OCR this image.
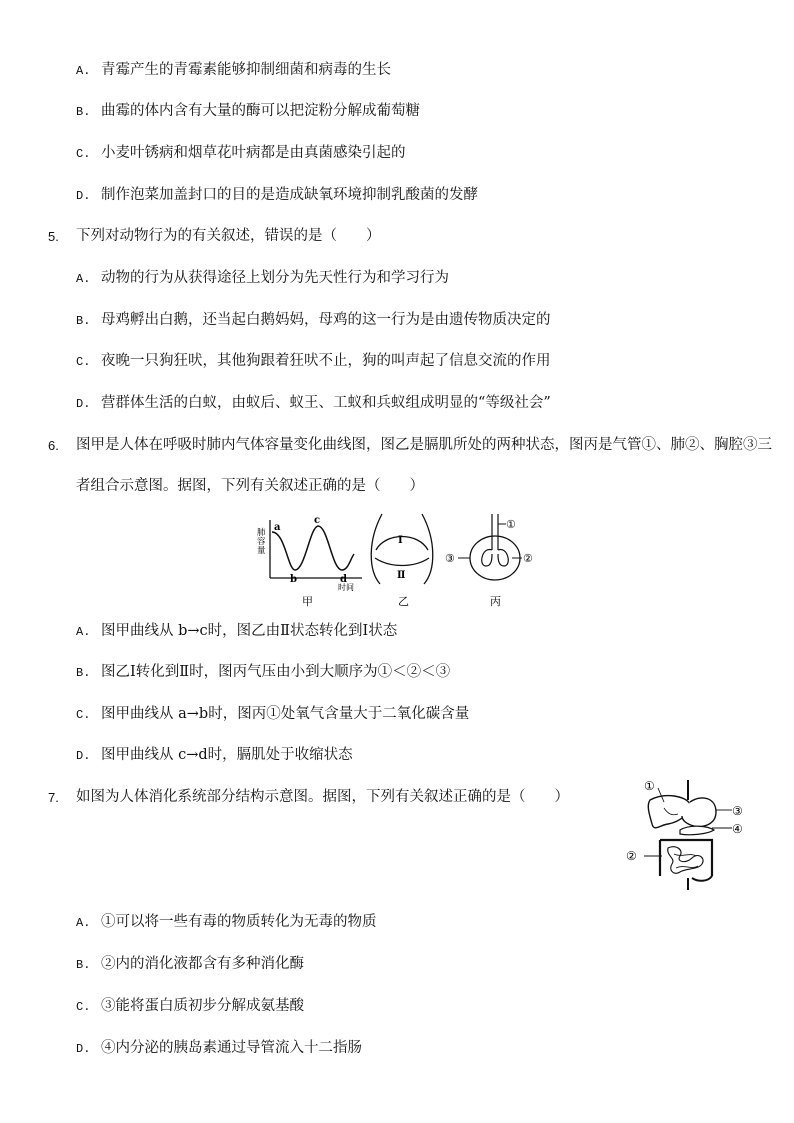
A. 青霉产生的青霉素能够抑制细菌和病毒的生长
B. 曲霉的体内含有大量的酶可以把淀粉分解成葡萄糖
C. 小麦叶锈病和烟草花叶病都是由真菌感染引起的
D. 制作泡菜加盖封口的目的是造成缺氧环境抑制乳酸菌的发酵
5. 下列对动物行为的有关叙述，错误的是（　　）
A. 动物的行为从获得途径上划分为先天性行为和学习行为
B. 母鸡孵出白鹅，还当起白鹅妈妈，母鸡的这一行为是由遗传物质决定的
C. 夜晚一只狗狂吠，其他狗跟着狂吠不止，狗的叫声起了信息交流的作用
D. 营群体生活的白蚁，由蚁后、蚁王、工蚁和兵蚁组成明显的“等级社会”
6. 图甲是人体在呼吸时肺内气体容量变化曲线图，图乙是膈肌所处的两种状态，图丙是气管①、肺②、胸腔③三
者组合示意图。据图，下列有关叙述正确的是（　　）
肺容量
a
b
c
d
时间
甲
Ⅰ
Ⅱ
乙
①
②
③
丙
A. 图甲曲线从 b→c时，图乙由Ⅱ状态转化到Ⅰ状态
B. 图乙Ⅰ转化到Ⅱ时，图丙气压由小到大顺序为①＜②＜③
C. 图甲曲线从 a→b时，图丙①处氧气含量大于二氧化碳含量
D. 图甲曲线从 c→d时，膈肌处于收缩状态
7. 如图为人体消化系统部分结构示意图。据图，下列有关叙述正确的是（　　）
①
②
③
④
A. ①可以将一些有毒的物质转化为无毒的物质
B. ②内的消化液都含有多种消化酶
C. ③能将蛋白质初步分解成氨基酸
D. ④内分泌的胰岛素通过导管流入十二指肠
